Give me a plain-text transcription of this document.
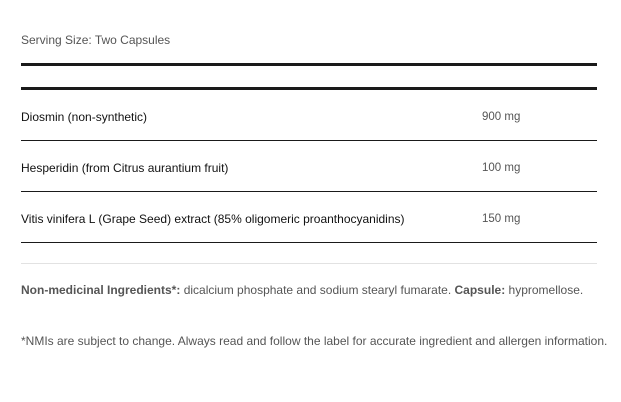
Serving Size: Two Capsules
Diosmin (non-synthetic)	900 mg
Hesperidin (from Citrus aurantium fruit)	100 mg
Vitis vinifera L (Grape Seed) extract (85% oligomeric proanthocyanidins)	150 mg
Non-medicinal Ingredients*: dicalcium phosphate and sodium stearyl fumarate. Capsule: hypromellose.
*NMIs are subject to change. Always read and follow the label for accurate ingredient and allergen information.
